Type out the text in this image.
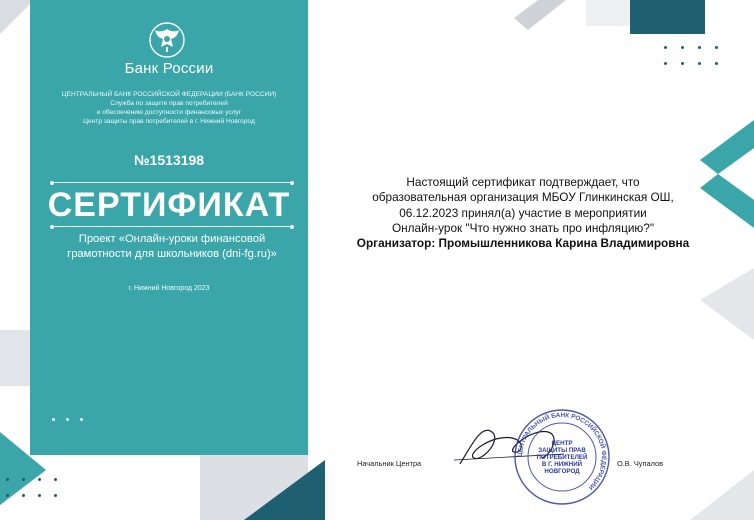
Банк России
ЦЕНТРАЛЬНЫЙ БАНК РОССИЙСКОЙ ФЕДЕРАЦИИ (БАНК РОССИИ)
Служба по защите прав потребителей
и обеспечению доступности финансовых услуг
Центр защиты прав потребителей в г. Нижний Новгород
№1513198
СЕРТИФИКАТ
Проект «Онлайн-уроки финансовой
грамотности для школьников (dni-fg.ru)»
г. Нижний Новгород 2023
Настоящий сертификат подтверждает, что
образовательная организация МБОУ Глинкинская ОШ,
06.12.2023 принял(а) участие в мероприятии
Онлайн-урок "Что нужно знать про инфляцию?"
Организатор: Промышленникова Карина Владимировна
Начальник Центра	О.В. Чупалов
ЦЕНТРАЛЬНЫЙ БАНК РОССИЙСКОЙ ФЕДЕРАЦИИ
ЦЕНТР
ЗАЩИТЫ ПРАВ
ПОТРЕБИТЕЛЕЙ
В Г. НИЖНИЙ
НОВГОРОД
